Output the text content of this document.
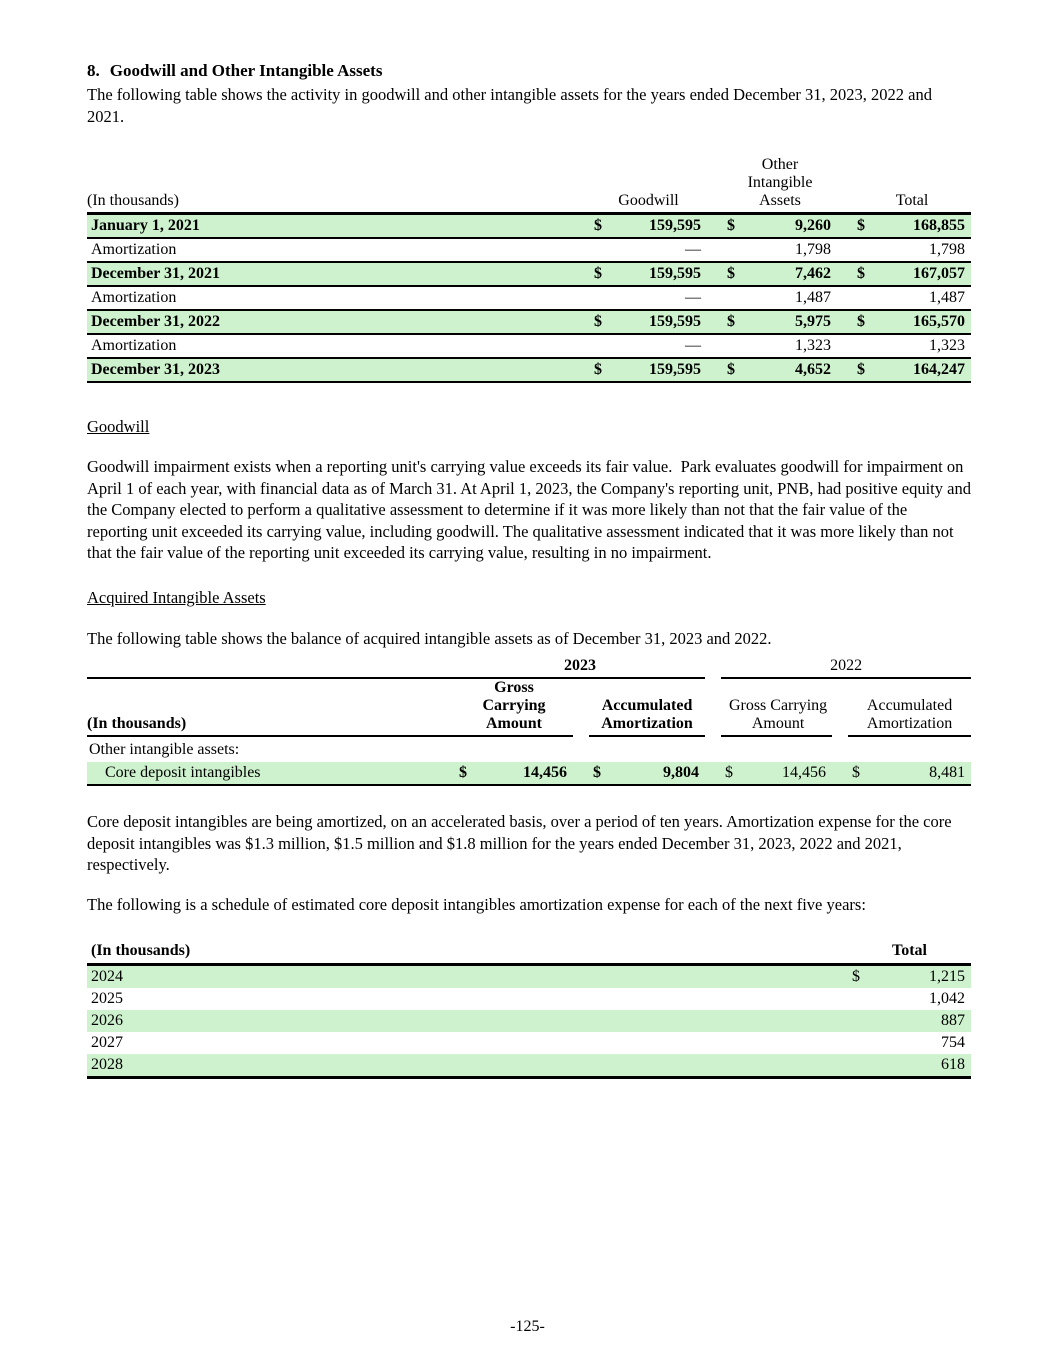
8. Goodwill and Other Intangible Assets

The following table shows the activity in goodwill and other intangible assets for the years ended December 31, 2023, 2022 and 2021.

(In thousands)	Goodwill			Other Intangible Assets			Total	
January 1, 2021	$	159,595		$	9,260		$	168,855
Amortization		—			1,798			1,798
December 31, 2021	$	159,595		$	7,462		$	167,057
Amortization		—			1,487			1,487
December 31, 2022	$	159,595		$	5,975		$	165,570
Amortization		—			1,323			1,323
December 31, 2023	$	159,595		$	4,652		$	164,247
Goodwill

Goodwill impairment exists when a reporting unit's carrying value exceeds its fair value.  Park evaluates goodwill for impairment on April 1 of each year, with financial data as of March 31. At April 1, 2023, the Company's reporting unit, PNB, had positive equity and the Company elected to perform a qualitative assessment to determine if it was more likely than not that the fair value of the reporting unit exceeded its carrying value, including goodwill. The qualitative assessment indicated that it was more likely than not that the fair value of the reporting unit exceeded its carrying value, resulting in no impairment.

Acquired Intangible Assets

The following table shows the balance of acquired intangible assets as of December 31, 2023 and 2022.

	2023						2022				
(In thousands)	Gross Carrying Amount			Accumulated Amortization			Gross Carrying Amount			Accumulated Amortization	
Other intangible assets:											
Core deposit intangibles	$	14,456		$	9,804		$	14,456		$	8,481

Core deposit intangibles are being amortized, on an accelerated basis, over a period of ten years. Amortization expense for the core deposit intangibles was $1.3 million, $1.5 million and $1.8 million for the years ended December 31, 2023, 2022 and 2021, respectively.

The following is a schedule of estimated core deposit intangibles amortization expense for each of the next five years:

(In thousands)		Total	
2024		$	1,215
2025			1,042
2026			887
2027			754
2028			618
-125-
